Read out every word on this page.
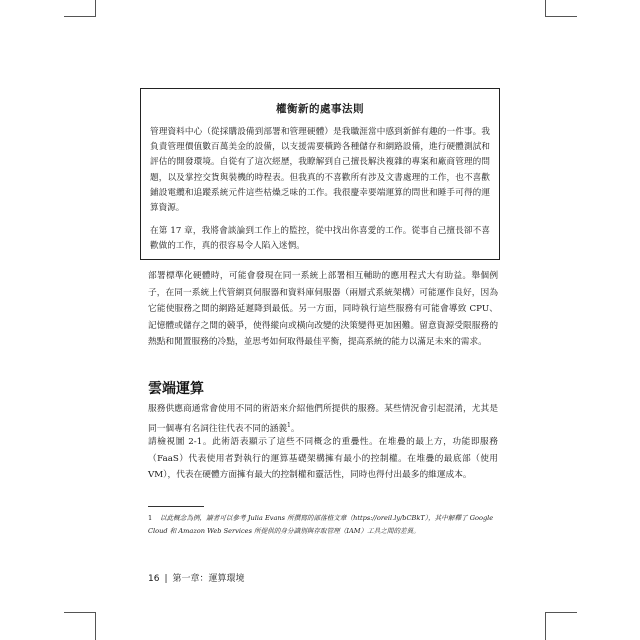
權衡新的處事法則

管理資料中心（從採購設備到部署和管理硬體）是我職涯當中感到新鮮有趣的一件事。我負責管理價值數百萬美金的設備，以支援需要橫跨各種儲存和網路設備，進行硬體測試和評估的開發環境。自從有了這次經歷，我瞭解到自己擅長解決複雜的專案和廠商管理的問題，以及掌控交貨與裝機的時程表。但我真的不喜歡所有涉及文書處理的工作，也不喜歡鋪設電纜和追蹤系統元件這些枯燥乏味的工作。我很慶幸要端運算的問世和睡手可得的運算資源。

在第 17 章，我將會談論到工作上的監控，從中找出你喜愛的工作。從事自己擅長卻不喜歡做的工作，真的很容易令人陷入迷惘。

部署標準化硬體時，可能會發現在同一系統上部署相互輔助的應用程式大有助益。舉個例子，在同一系統上代管網頁伺服器和資料庫伺服器（兩層式系統架構）可能運作良好，因為它能使服務之間的網路延遲降到最低。另一方面，同時執行這些服務有可能會導致 CPU、記憶體或儲存之間的競爭，使得縱向或橫向改變的決策變得更加困難。留意資源受限服務的熱點和閒置服務的冷點，並思考如何取得最佳平衡，提高系統的能力以滿足未來的需求。

雲端運算

服務供應商通常會使用不同的術語來介紹他們所提供的服務。某些情況會引起混淆，尤其是同一個專有名詞往往代表不同的涵義$^1$。

請檢視圖 2-1。此術語表顯示了這些不同概念的重疊性。在堆疊的最上方，功能即服務（FaaS）代表使用者對執行的運算基礎架構擁有最小的控制權。在堆疊的最底部（使用 VM），代表在硬體方面擁有最大的控制權和靈活性，同時也得付出最多的維運成本。

1 以此概念為例，讀者可以參考 Julia Evans 所撰寫的部落格文章（https://oreil.ly/bCBkT），其中解釋了 Google Cloud 和 Amazon Web Services 所提供的身分識別與存取管理（IAM）工具之間的差異。

16 | 第一章：運算環境
